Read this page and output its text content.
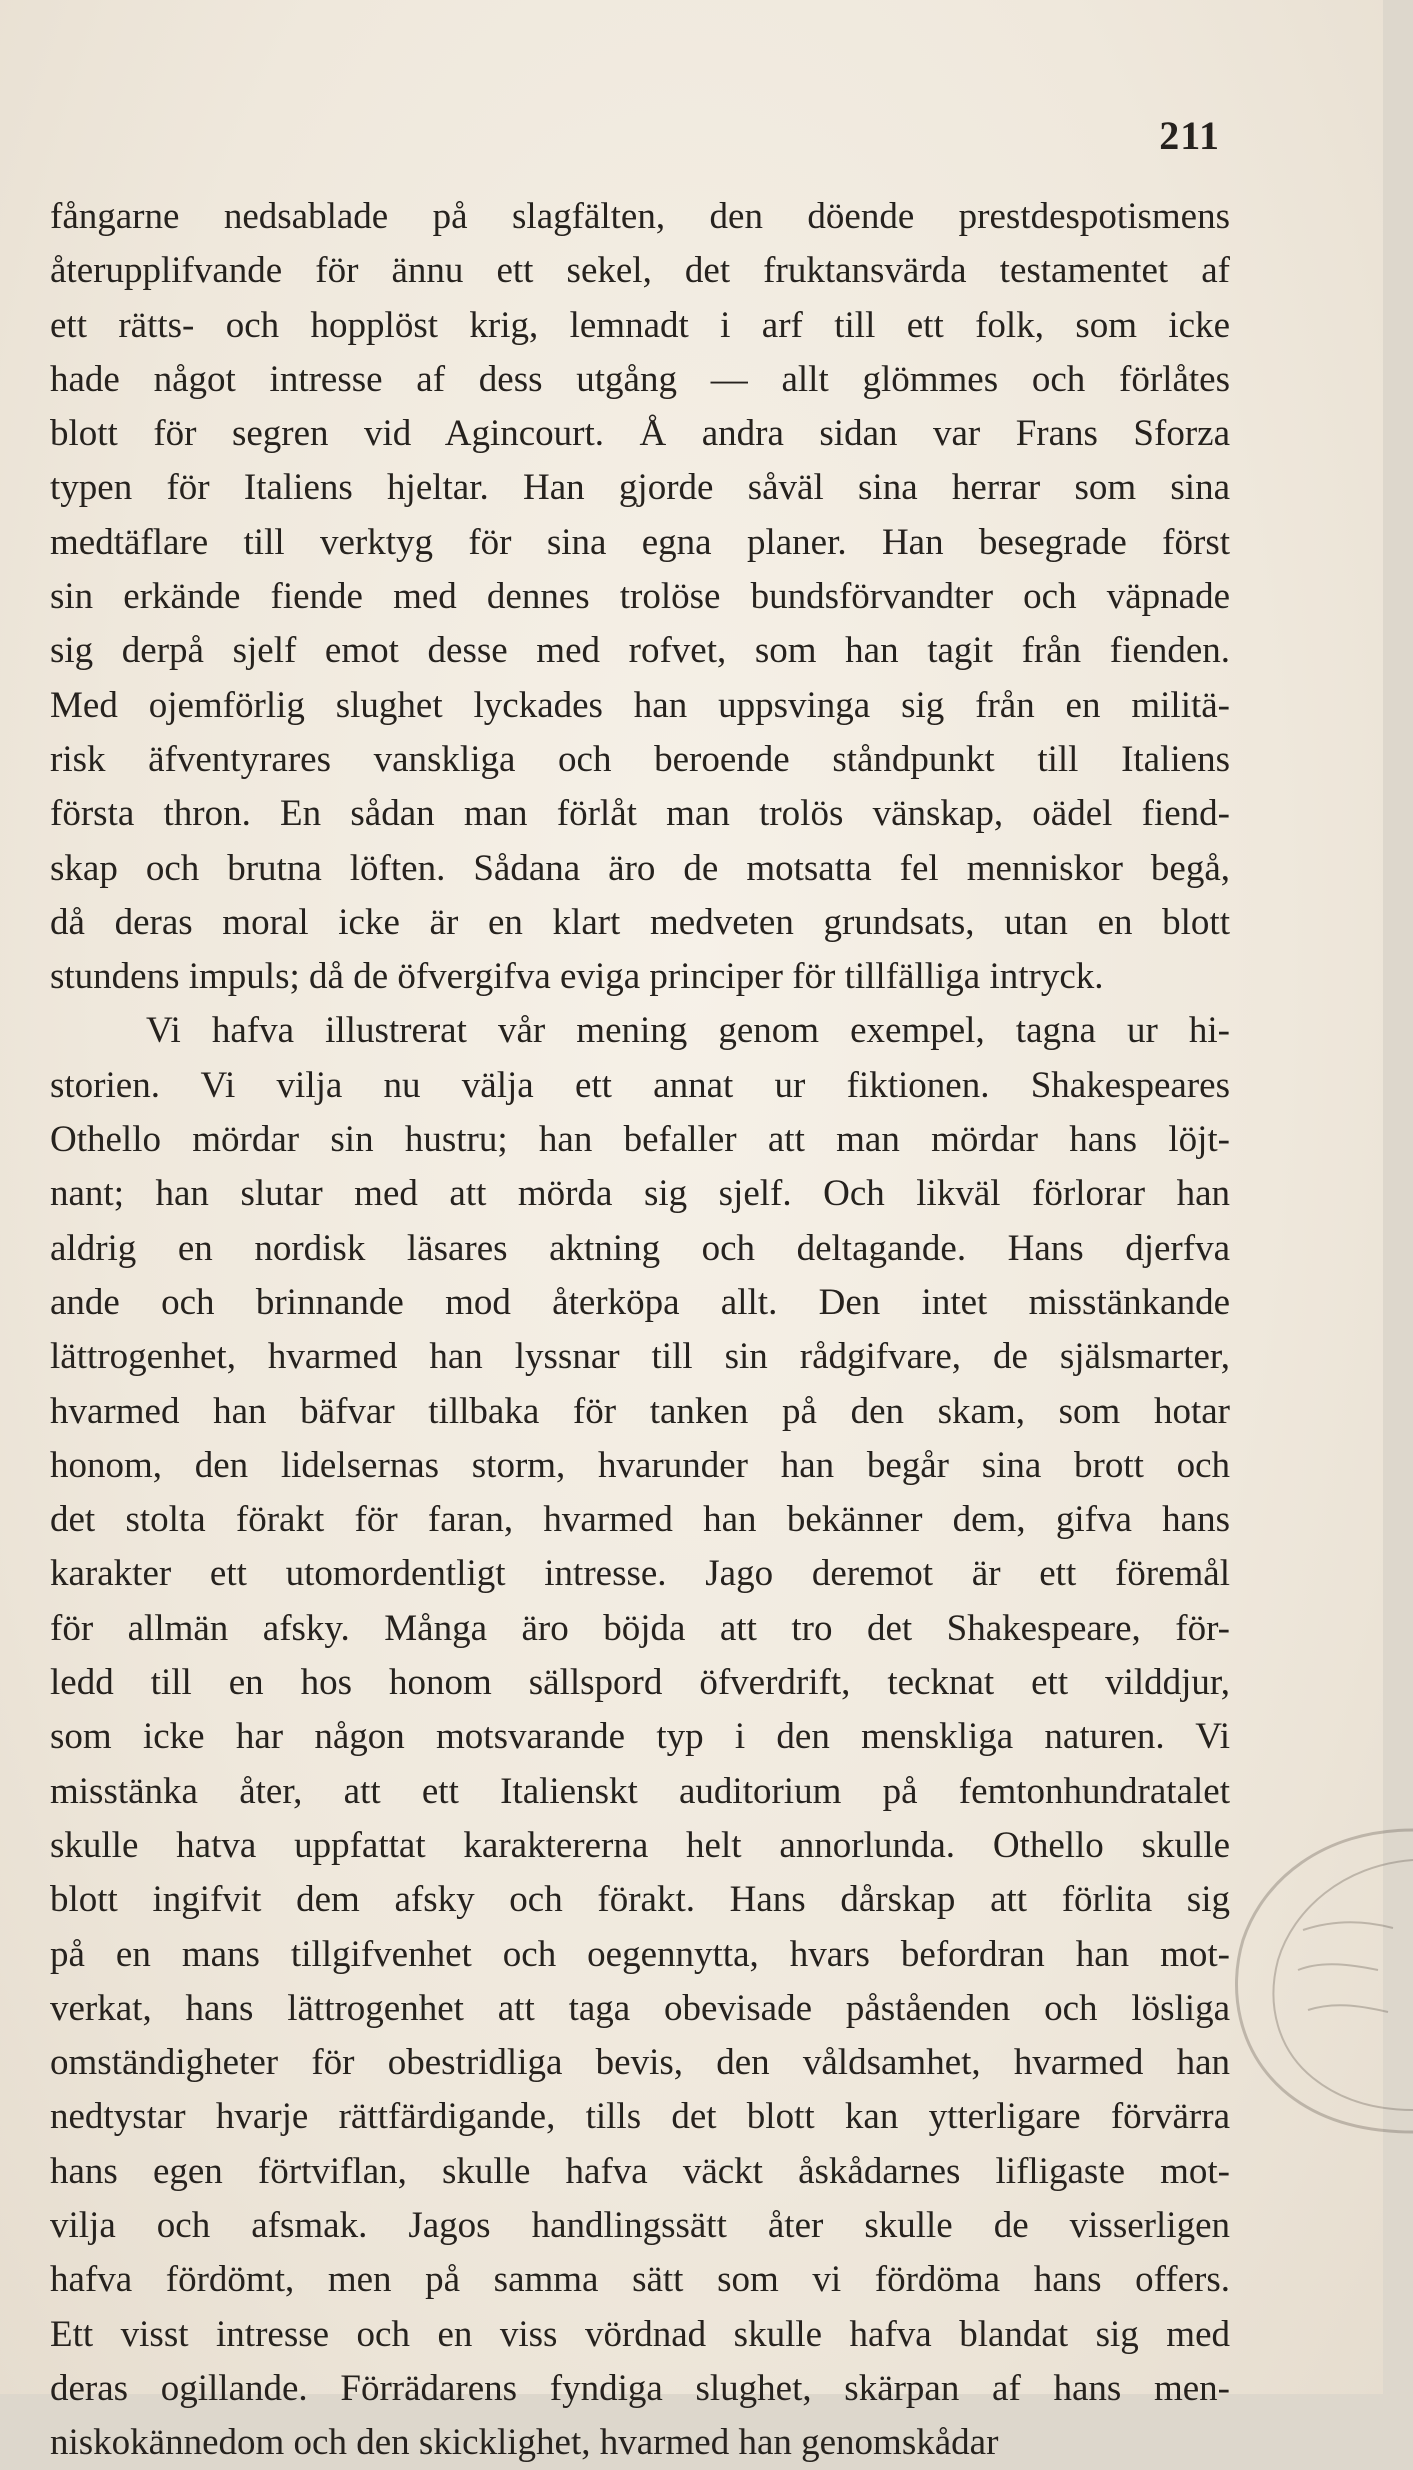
211
fångarne nedsablade på slagfälten, den döende prestdespotismens
återupplifvande för ännu ett sekel, det fruktansvärda testamentet af
ett rätts- och hopplöst krig, lemnadt i arf till ett folk, som icke
hade något intresse af dess utgång — allt glömmes och förlåtes
blott för segren vid Agincourt. Å andra sidan var Frans Sforza
typen för Italiens hjeltar. Han gjorde såväl sina herrar som sina
medtäflare till verktyg för sina egna planer. Han besegrade först
sin erkände fiende med dennes trolöse bundsförvandter och väpnade
sig derpå sjelf emot desse med rofvet, som han tagit från fienden.
Med ojemförlig slughet lyckades han uppsvinga sig från en militä-
risk äfventyrares vanskliga och beroende ståndpunkt till Italiens
första thron. En sådan man förlåt man trolös vänskap, oädel fiend-
skap och brutna löften. Sådana äro de motsatta fel menniskor begå,
då deras moral icke är en klart medveten grundsats, utan en blott
stundens impuls; då de öfvergifva eviga principer för tillfälliga intryck.
Vi hafva illustrerat vår mening genom exempel, tagna ur hi-
storien. Vi vilja nu välja ett annat ur fiktionen. Shakespeares
Othello mördar sin hustru; han befaller att man mördar hans löjt-
nant; han slutar med att mörda sig sjelf. Och likväl förlorar han
aldrig en nordisk läsares aktning och deltagande. Hans djerfva
ande och brinnande mod återköpa allt. Den intet misstänkande
lättrogenhet, hvarmed han lyssnar till sin rådgifvare, de själsmarter,
hvarmed han bäfvar tillbaka för tanken på den skam, som hotar
honom, den lidelsernas storm, hvarunder han begår sina brott och
det stolta förakt för faran, hvarmed han bekänner dem, gifva hans
karakter ett utomordentligt intresse. Jago deremot är ett föremål
för allmän afsky. Många äro böjda att tro det Shakespeare, för-
ledd till en hos honom sällspord öfverdrift, tecknat ett vilddjur,
som icke har någon motsvarande typ i den menskliga naturen. Vi
misstänka åter, att ett Italienskt auditorium på femtonhundratalet
skulle hatva uppfattat karaktererna helt annorlunda. Othello skulle
blott ingifvit dem afsky och förakt. Hans dårskap att förlita sig
på en mans tillgifvenhet och oegennytta, hvars befordran han mot-
verkat, hans lättrogenhet att taga obevisade påståenden och lösliga
omständigheter för obestridliga bevis, den våldsamhet, hvarmed han
nedtystar hvarje rättfärdigande, tills det blott kan ytterligare förvärra
hans egen förtviflan, skulle hafva väckt åskådarnes lifligaste mot-
vilja och afsmak. Jagos handlingssätt åter skulle de visserligen
hafva fördömt, men på samma sätt som vi fördöma hans offers.
Ett visst intresse och en viss vördnad skulle hafva blandat sig med
deras ogillande. Förrädarens fyndiga slughet, skärpan af hans men-
niskokännedom och den skicklighet, hvarmed han genomskådar
